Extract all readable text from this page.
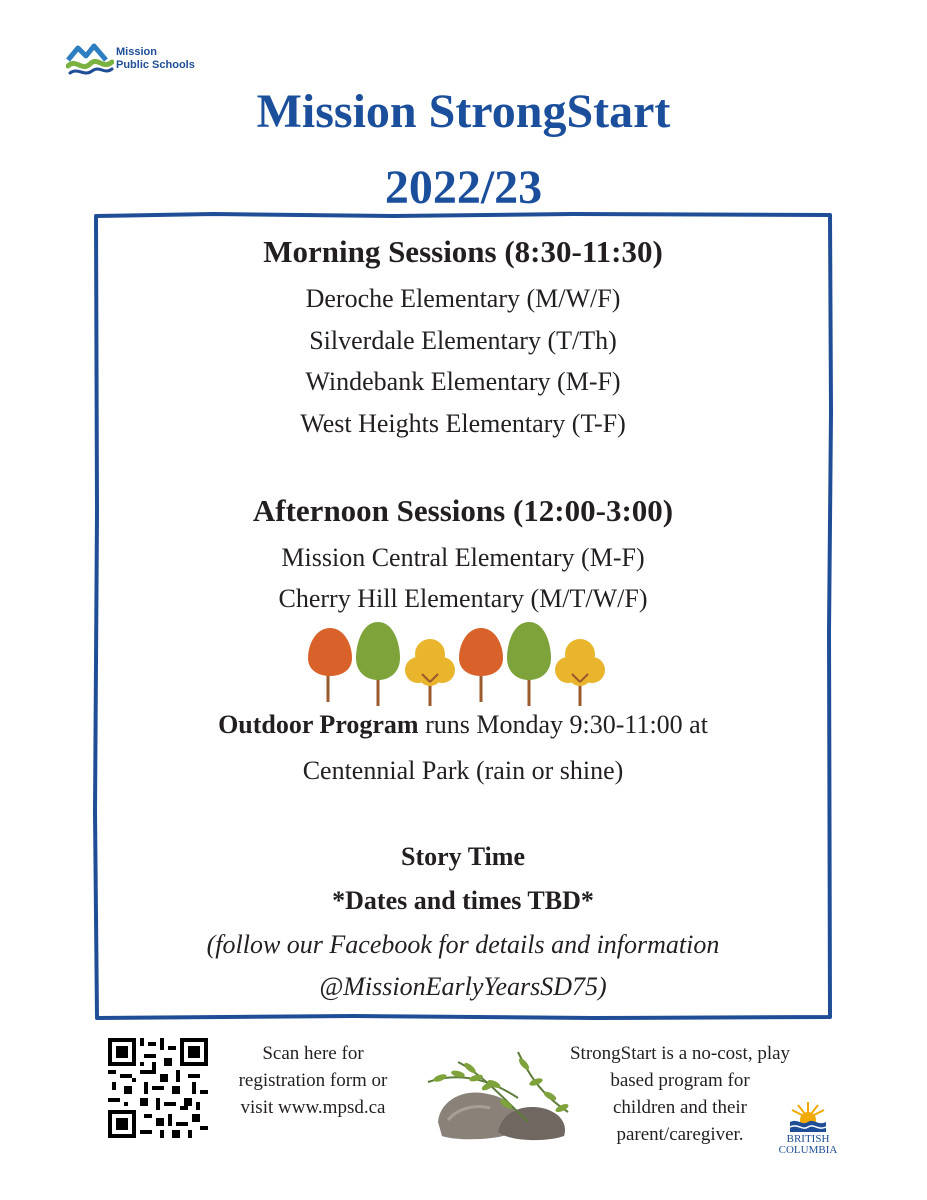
Mission
Public Schools
Mission StrongStart
2022/23
Morning Sessions (8:30-11:30)
Deroche Elementary (M/W/F)
Silverdale Elementary (T/Th)
Windebank Elementary (M-F)
West Heights Elementary (T-F)
Afternoon Sessions (12:00-3:00)
Mission Central Elementary (M-F)
Cherry Hill Elementary (M/T/W/F)
Outdoor Program runs Monday 9:30-11:00 at
Centennial Park (rain or shine)
Story Time
*Dates and times TBD*
(follow our Facebook for details and information
@MissionEarlyYearsSD75)
Scan here for
registration form or
visit www.mpsd.ca
StrongStart is a no-cost, play
based program for
children and their
parent/caregiver.	BRITISH
COLUMBIA
